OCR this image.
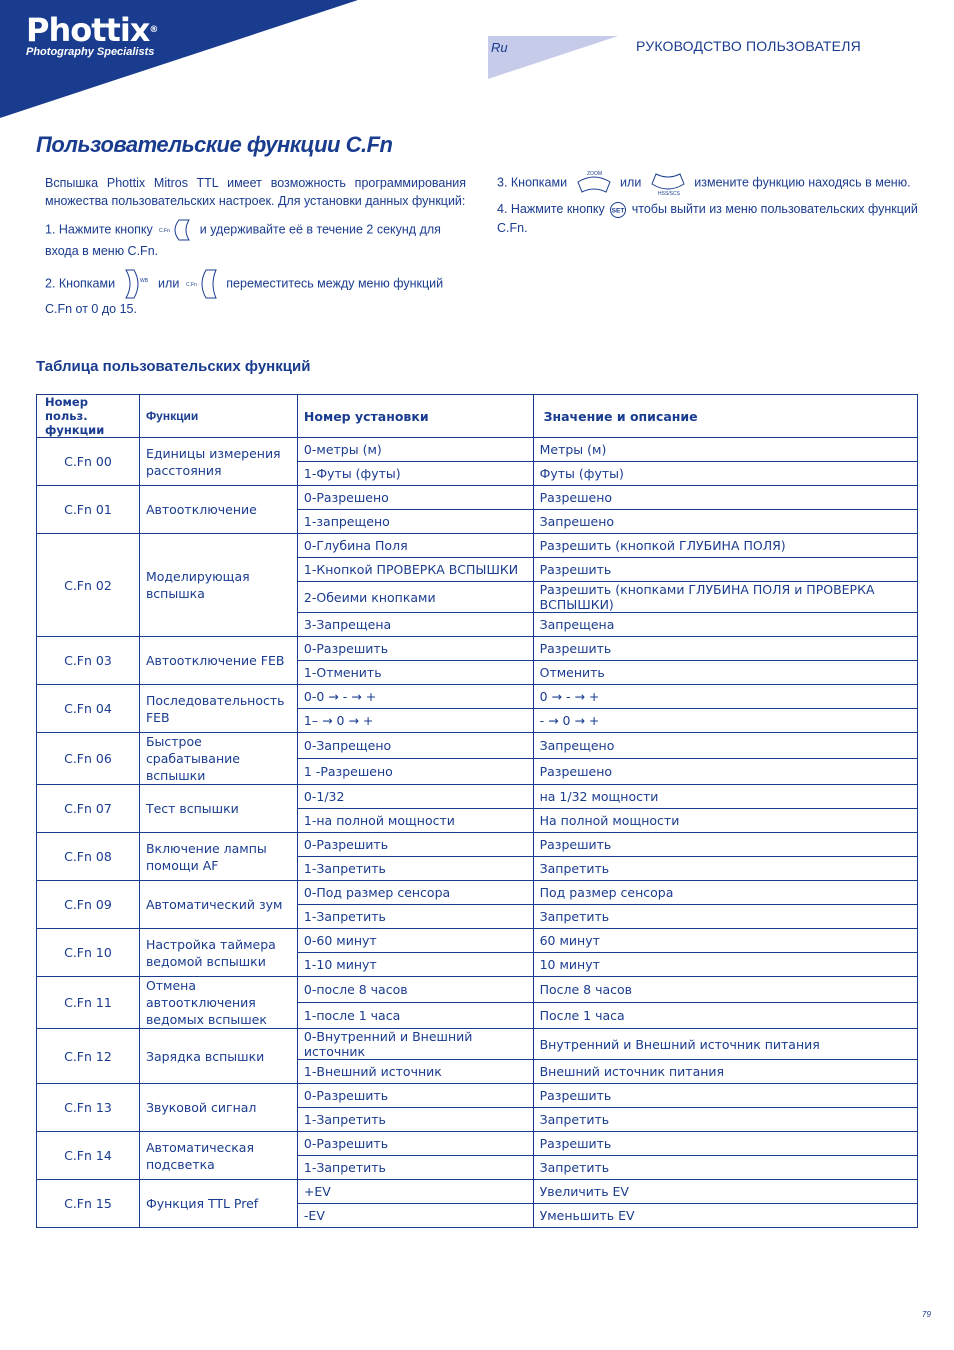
Phottix®
Photography Specialists	Ru	РУКОВОДСТВО ПОЛЬЗОВАТЕЛЯ
Пользовательские функции C.Fn

Вспышка Phottix Mitros TTL имеет возможность программирования множества пользовательских настроек. Для установки данных функций:

1. Нажмите кнопку C.Fn и удерживайте её в течение 2 секунд для входа в меню C.Fn.

2. Кнопками	WB или C.Fn переместитесь между меню функций C.Fn от 0 до 15.

3. Кнопками
ZOOM
или
HSS/SCS
измените функцию находясь в меню.

4. Нажмите кнопку SET чтобы выйти из меню пользовательских функций C.Fn.

Таблица пользовательских функций
Номер польз. функции	Функции	Номер установки	Значение и описание
C.Fn 00	Единицы измерения расстояния	0-метры (м)	Метры (м)
		1-Футы (футы)	Футы (футы)
C.Fn 01	Автоотключение	0-Разрешено	Разрешено
		1-запрещено	Запрешено
C.Fn 02	Моделирующая вспышка	0-Глубина Поля	Разрешить (кнопкой ГЛУБИНА ПОЛЯ)
		1-Кнопкой ПРОВЕРКА ВСПЫШКИ	Разрешить
		2-Обеими кнопками	Разрешить (кнопками ГЛУБИНА ПОЛЯ и ПРОВЕРКА ВСПЫШКИ)
		3-Запрещена	Запрещена
C.Fn 03	Автоотключение FEB	0-Разрешить	Разрешить
		1-Отменить	Отменить
C.Fn 04	Последовательность FEB	0-0 → - → +	0 → - → +
		1– → 0 → +	- → 0 → +
C.Fn 06	Быстрое срабатывание вспышки	0-Запрещено	Запрещено
		1 -Разрешено	Разрешено
C.Fn 07	Тест вспышки	0-1/32	на 1/32 мощности
		1-на полной мощности	На полной мощности
C.Fn 08	Включение лампы помощи AF	0-Разрешить	Разрешить
		1-Запретить	Запретить
C.Fn 09	Автоматический зум	0-Под размер сенсора	Под размер сенсора
		1-Запретить	Запретить
C.Fn 10	Настройка таймера ведомой вспышки	0-60 минут	60 минут
		1-10 минут	10 минут
C.Fn 11	Отмена автоотключения ведомых вспышек	0-после 8 часов	После 8 часов
		1-после 1 часа	После 1 часа
C.Fn 12	Зарядка вспышки	0-Внутренний и Внешний источник	Внутренний и Внешний источник питания
		1-Внешний источник	Внешний источник питания
C.Fn 13	Звуковой сигнал	0-Разрешить	Разрешить
		1-Запретить	Запретить
C.Fn 14	Автоматическая подсветка	0-Разрешить	Разрешить
		1-Запретить	Запретить
C.Fn 15	Функция TTL Pref	+EV	Увеличить EV
		-EV	Уменьшить EV
79
